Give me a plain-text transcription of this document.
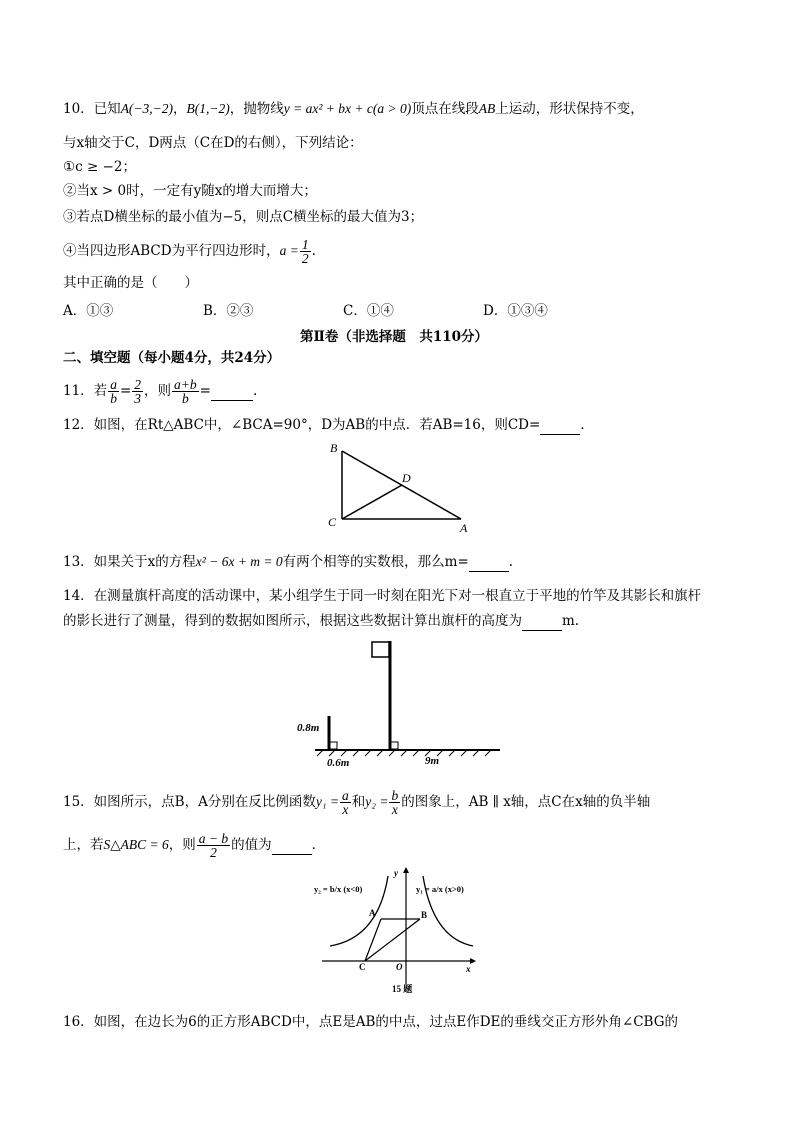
10．已知A(−3,−2)，B(1,−2)，抛物线y = ax² + bx + c(a > 0)顶点在线段AB上运动，形状保持不变，
与x轴交于C，D两点（C在D的右侧），下列结论：
①c ≥ −2；
②当x > 0时，一定有y随x的增大而增大；
③若点D横坐标的最小值为−5，则点C横坐标的最大值为3；
④当四边形ABCD为平行四边形时，$a = \frac{1}{2}$ .
其中正确的是（　　）
A．①③	B．②③	C．①④	D．①③④
第Ⅱ卷（非选择题　共110分）
二、填空题（每小题4分，共24分）
11．若 $\frac{a}{b} = \frac{2}{3}$ ，则 $\frac{a+b}{b}$ =	.
12．如图，在Rt△ABC中，∠BCA=90°，D为AB的中点．若AB=16，则CD=	．
B
C
D
A
13．如果关于x的方程x² − 6x + m = 0有两个相等的实数根，那么m=	.
14．在测量旗杆高度的活动课中，某小组学生于同一时刻在阳光下对一根直立于平地的竹竿及其影长和旗杆
的影长进行了测量，得到的数据如图所示，根据这些数据计算出旗杆的高度为	m.
0.8m
0.6m	9m
15．如图所示，点B，A分别在反比例函数$y_1 = \frac{a}{x}$ 和$y_2 = \frac{b}{x}$ 的图象上，AB ∥ x轴，点C在x轴的负半轴
上，若S△ABC = 6，则 $\frac{a - b}{2}$ 的值为	．
y₂ = b/x (x<0)	y₁ = a/x (x>0)
y
x
A	B
C	O
15 题
16．如图，在边长为6的正方形ABCD中，点E是AB的中点，过点E作DE的垂线交正方形外角∠CBG的
